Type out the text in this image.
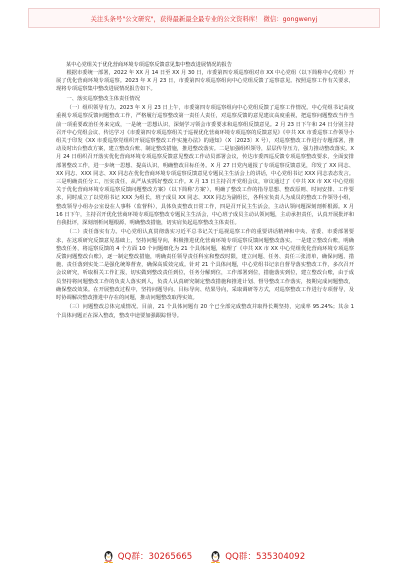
关注头条号"公文研究"，获得最新最全最专业的公文资料库！ 微信：gongwenyj
某中心党组关于优化营商环境专项巡察反馈意见集中整改进展情况的报告

根据市委统一部署，2022 年 XX 月 14 日至 XX 月 30 日，市委第四专项巡察组对市 XX 中心党组（以下简称中心党组）开展了优化营商环境专项巡察。2023 年 X 月 23 日，市委第四专项巡察组向中心党组反馈了巡察意见。按照巡察工作有关要求，现将专项巡察集中整改进展情况报告如下。

一、落实巡察整改主体责任情况

（一）组织领导有力。2023 年 X 月 23 日上午，市委第四专项巡察组向中心党组反馈了巡察工作情况。中心党组书记高度重视专项巡察反馈问题整改工作，严格履行巡察整改第一责任人责任，对巡察反馈的意见建议高度重视，把巡察问题整改当作当前一项重要政治任务来完成，一是统一思想认识，深刻学习领会市委要求和巡察组反馈意见。2 月 23 日下午和 24 日分别主持召开中心党组会议、传达学习《市委第四专项巡察组关于巡视优化营商环境专项巡察的反馈意见》《中共 XX 市委巡察工作领导小组关于印发《XX 市委巡察党组织开展巡察整改工作实施办法》的通知》（X〔2023〕X 号），对巡察整改工作进行专题部署，推动及时出台整改方案，建立整改台账、制定整改措施，推进整改落实。二是加强组织领导，层层传导压力，强力推动整改落实。X 月 24 日组织召开落实优化营商环境专项巡察反馈意见整改工作动员部署会议，传达市委四巡反馈专项巡察整改要求，全面安排部署整改工作，进一步统一思想、提高认识，明确整改目标任务。X 月 27 日党内通报了专项巡察反馈意见，印发了 XX 同志、XX 同志、XXX 同志、XX 同志在优化营商环境专项巡察反馈意见专题民主生活会上的讲话，中心党组书记 XXX 同志表态发言。三是明确责任分工，压实责任，从严从实抓好整改工作。X 月 13 日主持召开党组会议，审议通过了《中共 XX 市 XX 中心党组关于优化营商环境专项巡察反馈问题整改方案》（以下简称'方案'），明确了整改工作的指导思想、整改原则、时间安排、工作要求，同时成立了以党组书记 XXX 为组长，班子成员 XX 同志、XXX 同志为副组长，各科室负责人为成员的整改工作领导小组，整改领导小组办公室设在人事科（监督科），具体负责整改日常工作，四是召开民主生活会，主动认领问题深刻剖析根源。X 月 16 日下午，主持召开优化营商环境专项巡察整改专题民主生活会，中心班子成员主动认领问题，主动承担责任，认真开展批评和自我批评，深刻剖析问题根源，明确整改措施，切实肩负起巡察整改主体责任。

（二）责任落实有力。中心党组认真贯彻落实习近平总书记关于巡视巡察工作的重要讲话精神和中央、省委、市委部署要求，在这项研究反馈意见基础上，坚持问题导向，积极推进优化营商环境专项巡察反馈问题整改落实。一是建立整改台账，明确整改任务，将巡察反馈的 4 个方面 10 个问题细化为 21 个具体问题，梳理了《中共 XX 市 XX 中心党组优化营商环境专项巡察反馈问题整改台账》，逐一制定整改措施，明确责任领导责任科室和整改时限，建立问题、任务、责任三张清单，确保问题、措施、责任落到实处二是强化统筹督查，确保高质效完成。针对 21 个具体问题，中心党组书记亲自督导落实整改工作，多次召开会议研究，听取相关工作汇报，切实做到整改责任到位，任务分解到位，工作部署到位，措施落实到位，建立整改台账，由于成员坚持将问题整改工作的负责人落实到人，负责人认真研究制定整改措施和推进计划、督导整改工作落实，按期完成问题整改，确保整改效果。在开展整改过程中，坚持问题导向、目标导向、结果导向，采取调研等方式，对巡察整改工作进行专项督导，及时协调解决整改推进中存在的问题，推动问题整改取得实效。

（三）问题整改总体完成情况。目前，21 个具体问题有 20 个已全部完成整改并取得长期坚持，完成率 95.24%；其余 1 个具体问题正在深入整改，整改中途要加强跟踪督导。

QQ群：30265665	QQ群：535304092
